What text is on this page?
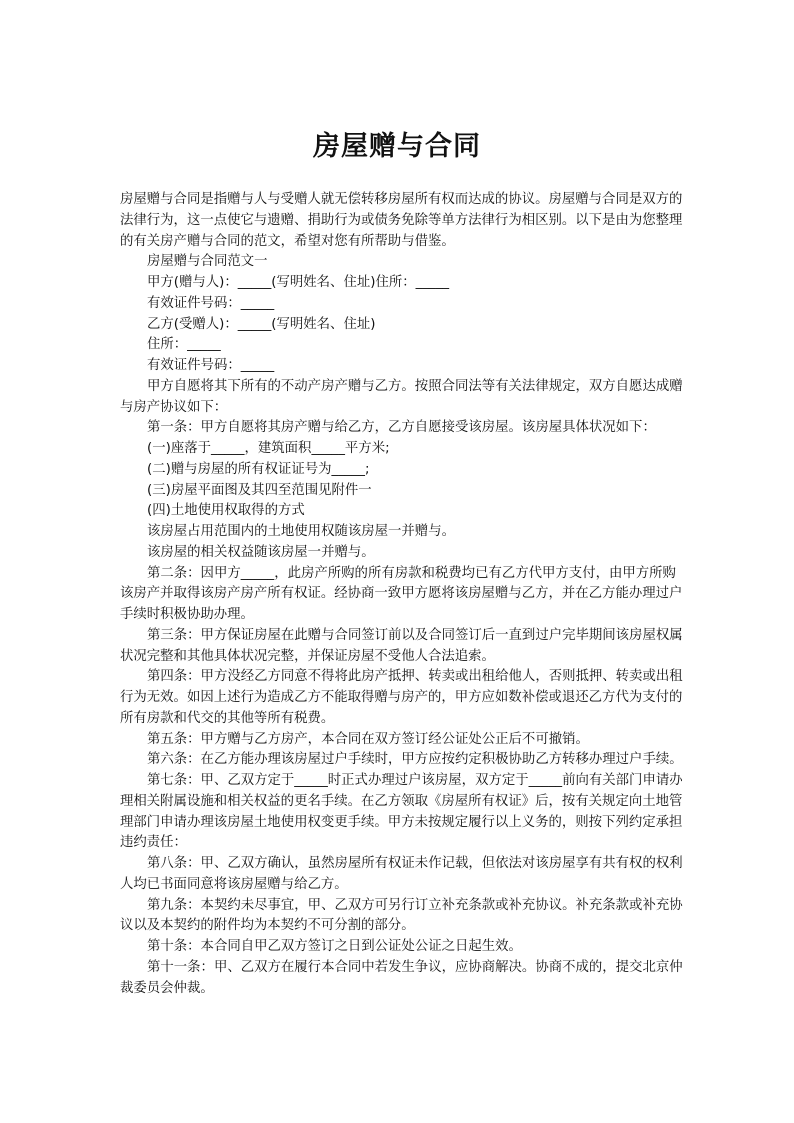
房屋赠与合同

房屋赠与合同是指赠与人与受赠人就无偿转移房屋所有权而达成的协议。房屋赠与合同是双方的法律行为，这一点使它与遗赠、捐助行为或债务免除等单方法律行为相区别。以下是由为您整理的有关房产赠与合同的范文，希望对您有所帮助与借鉴。

房屋赠与合同范文一

甲方(赠与人)：_____(写明姓名、住址)住所：_____

有效证件号码：_____

乙方(受赠人)：_____(写明姓名、住址)

住所：_____

有效证件号码：_____

甲方自愿将其下所有的不动产房产赠与乙方。按照合同法等有关法律规定，双方自愿达成赠与房产协议如下：

第一条：甲方自愿将其房产赠与给乙方，乙方自愿接受该房屋。该房屋具体状况如下：

(一)座落于_____，建筑面积_____平方米;

(二)赠与房屋的所有权证证号为_____;

(三)房屋平面图及其四至范围见附件一

(四)土地使用权取得的方式

该房屋占用范围内的土地使用权随该房屋一并赠与。

该房屋的相关权益随该房屋一并赠与。

第二条：因甲方_____，此房产所购的所有房款和税费均已有乙方代甲方支付，由甲方所购该房产并取得该房产房产所有权证。经协商一致甲方愿将该房屋赠与乙方，并在乙方能办理过户手续时积极协助办理。

第三条：甲方保证房屋在此赠与合同签订前以及合同签订后一直到过户完毕期间该房屋权属状况完整和其他具体状况完整，并保证房屋不受他人合法追索。

第四条：甲方没经乙方同意不得将此房产抵押、转卖或出租给他人，否则抵押、转卖或出租行为无效。如因上述行为造成乙方不能取得赠与房产的，甲方应如数补偿或退还乙方代为支付的所有房款和代交的其他等所有税费。

第五条：甲方赠与乙方房产，本合同在双方签订经公证处公正后不可撤销。

第六条：在乙方能办理该房屋过户手续时，甲方应按约定积极协助乙方转移办理过户手续。

第七条：甲、乙双方定于_____时正式办理过户该房屋，双方定于_____前向有关部门申请办理相关附属设施和相关权益的更名手续。在乙方领取《房屋所有权证》后，按有关规定向土地管理部门申请办理该房屋土地使用权变更手续。甲方未按规定履行以上义务的，则按下列约定承担违约责任：

第八条：甲、乙双方确认，虽然房屋所有权证未作记载，但依法对该房屋享有共有权的权利人均已书面同意将该房屋赠与给乙方。

第九条：本契约未尽事宜，甲、乙双方可另行订立补充条款或补充协议。补充条款或补充协议以及本契约的附件均为本契约不可分割的部分。

第十条：本合同自甲乙双方签订之日到公证处公证之日起生效。

第十一条：甲、乙双方在履行本合同中若发生争议，应协商解决。协商不成的，提交北京仲裁委员会仲裁。
